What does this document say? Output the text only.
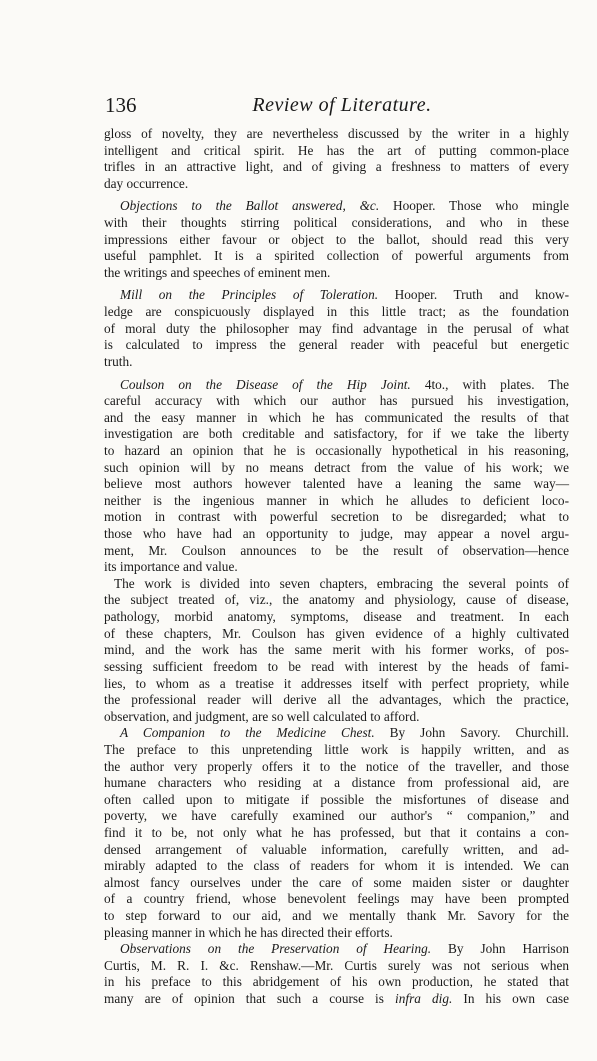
136	Review of Literature.
gloss of novelty, they are nevertheless discussed by the writer in a highly
intelligent and critical spirit. He has the art of putting common-place
trifles in an attractive light, and of giving a freshness to matters of every
day occurrence.
Objections to the Ballot answered, &c. Hooper. Those who mingle
with their thoughts stirring political considerations, and who in these
impressions either favour or object to the ballot, should read this very
useful pamphlet. It is a spirited collection of powerful arguments from
the writings and speeches of eminent men.
Mill on the Principles of Toleration. Hooper. Truth and know-
ledge are conspicuously displayed in this little tract; as the foundation
of moral duty the philosopher may find advantage in the perusal of what
is calculated to impress the general reader with peaceful but energetic
truth.
Coulson on the Disease of the Hip Joint. 4to., with plates. The
careful accuracy with which our author has pursued his investigation,
and the easy manner in which he has communicated the results of that
investigation are both creditable and satisfactory, for if we take the liberty
to hazard an opinion that he is occasionally hypothetical in his reasoning,
such opinion will by no means detract from the value of his work; we
believe most authors however talented have a leaning the same way—
neither is the ingenious manner in which he alludes to deficient loco-
motion in contrast with powerful secretion to be disregarded; what to
those who have had an opportunity to judge, may appear a novel argu-
ment, Mr. Coulson announces to be the result of observation—hence
its importance and value.
The work is divided into seven chapters, embracing the several points of
the subject treated of, viz., the anatomy and physiology, cause of disease,
pathology, morbid anatomy, symptoms, disease and treatment. In each
of these chapters, Mr. Coulson has given evidence of a highly cultivated
mind, and the work has the same merit with his former works, of pos-
sessing sufficient freedom to be read with interest by the heads of fami-
lies, to whom as a treatise it addresses itself with perfect propriety, while
the professional reader will derive all the advantages, which the practice,
observation, and judgment, are so well calculated to afford.
A Companion to the Medicine Chest. By John Savory. Churchill.
The preface to this unpretending little work is happily written, and as
the author very properly offers it to the notice of the traveller, and those
humane characters who residing at a distance from professional aid, are
often called upon to mitigate if possible the misfortunes of disease and
poverty, we have carefully examined our author's “ companion,” and
find it to be, not only what he has professed, but that it contains a con-
densed arrangement of valuable information, carefully written, and ad-
mirably adapted to the class of readers for whom it is intended. We can
almost fancy ourselves under the care of some maiden sister or daughter
of a country friend, whose benevolent feelings may have been prompted
to step forward to our aid, and we mentally thank Mr. Savory for the
pleasing manner in which he has directed their efforts.
Observations on the Preservation of Hearing. By John Harrison
Curtis, M. R. I. &c. Renshaw.—Mr. Curtis surely was not serious when
in his preface to this abridgement of his own production, he stated that
many are of opinion that such a course is infra dig. In his own case
